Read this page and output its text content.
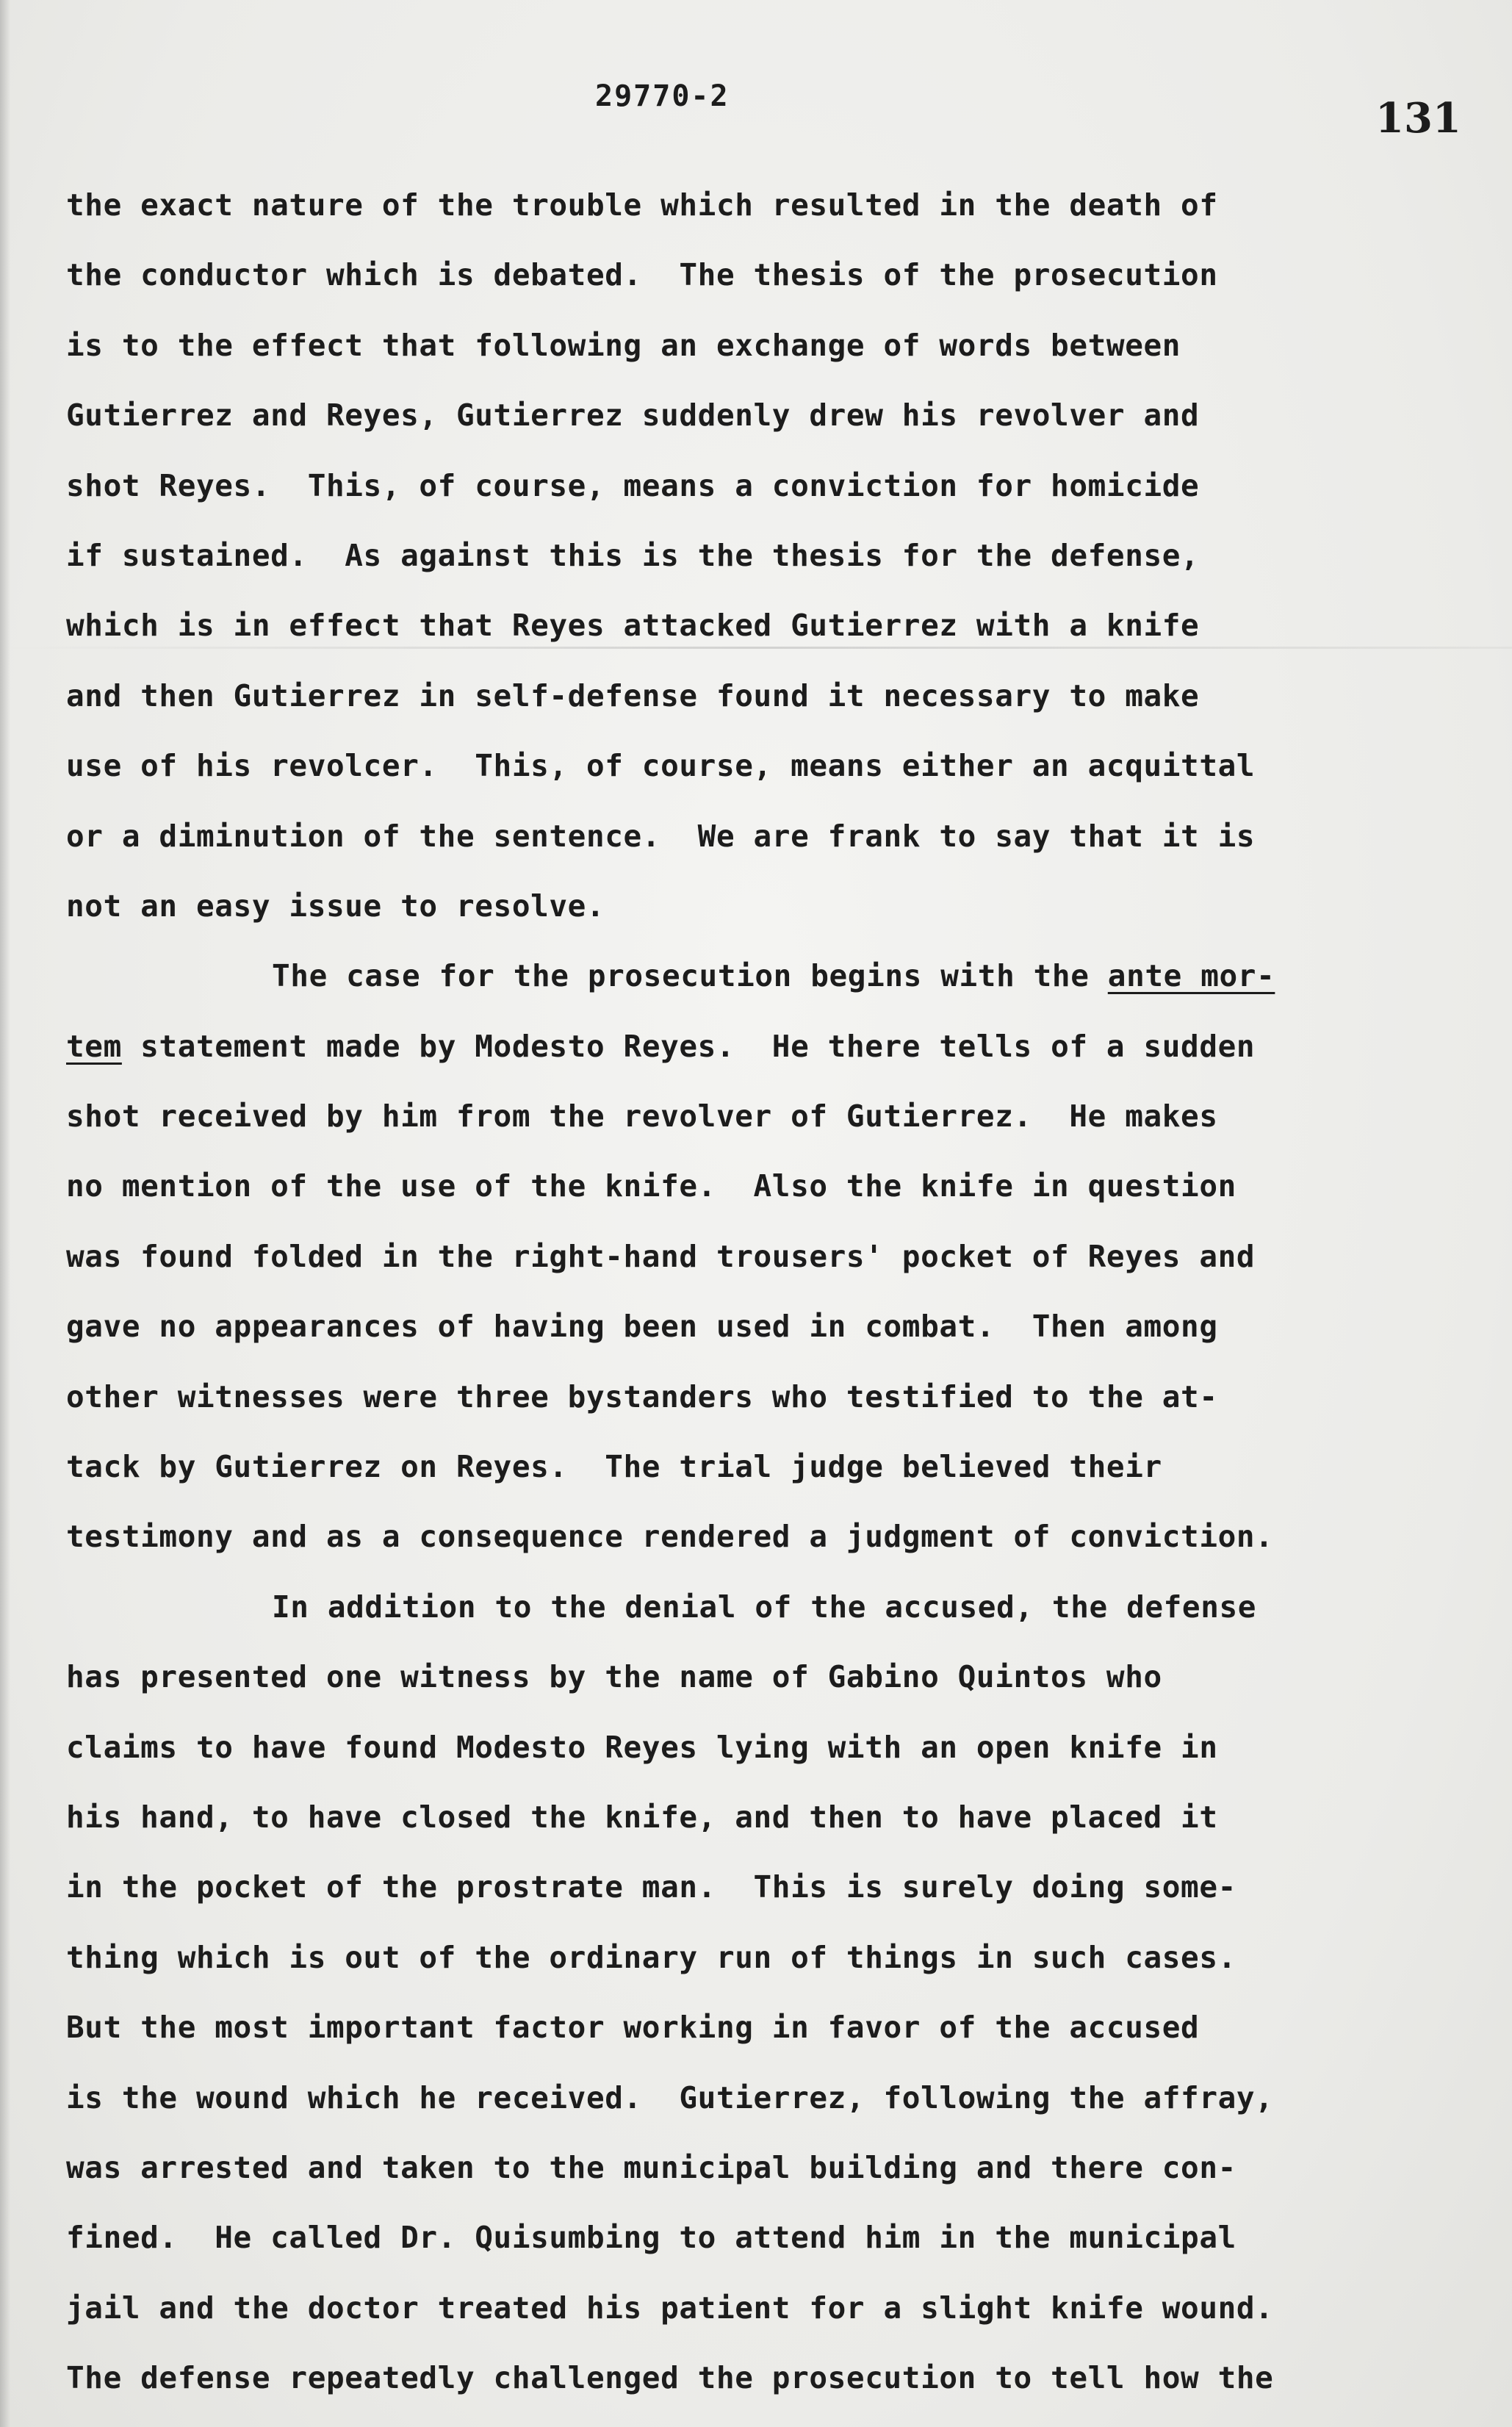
29770-2	131
the exact nature of the trouble which resulted in the death of
the conductor which is debated.  The thesis of the prosecution
is to the effect that following an exchange of words between
Gutierrez and Reyes, Gutierrez suddenly drew his revolver and
shot Reyes.  This, of course, means a conviction for homicide
if sustained.  As against this is the thesis for the defense,
which is in effect that Reyes attacked Gutierrez with a knife
and then Gutierrez in self-defense found it necessary to make
use of his revolcer.  This, of course, means either an acquittal
or a diminution of the sentence.  We are frank to say that it is
not an easy issue to resolve.
The case for the prosecution begins with the ante mor-
tem statement made by Modesto Reyes.  He there tells of a sudden
shot received by him from the revolver of Gutierrez.  He makes
no mention of the use of the knife.  Also the knife in question
was found folded in the right-hand trousers' pocket of Reyes and
gave no appearances of having been used in combat.  Then among
other witnesses were three bystanders who testified to the at-
tack by Gutierrez on Reyes.  The trial judge believed their
testimony and as a consequence rendered a judgment of conviction.
In addition to the denial of the accused, the defense
has presented one witness by the name of Gabino Quintos who
claims to have found Modesto Reyes lying with an open knife in
his hand, to have closed the knife, and then to have placed it
in the pocket of the prostrate man.  This is surely doing some-
thing which is out of the ordinary run of things in such cases.
But the most important factor working in favor of the accused
is the wound which he received.  Gutierrez, following the affray,
was arrested and taken to the municipal building and there con-
fined.  He called Dr. Quisumbing to attend him in the municipal
jail and the doctor treated his patient for a slight knife wound.
The defense repeatedly challenged the prosecution to tell how the
